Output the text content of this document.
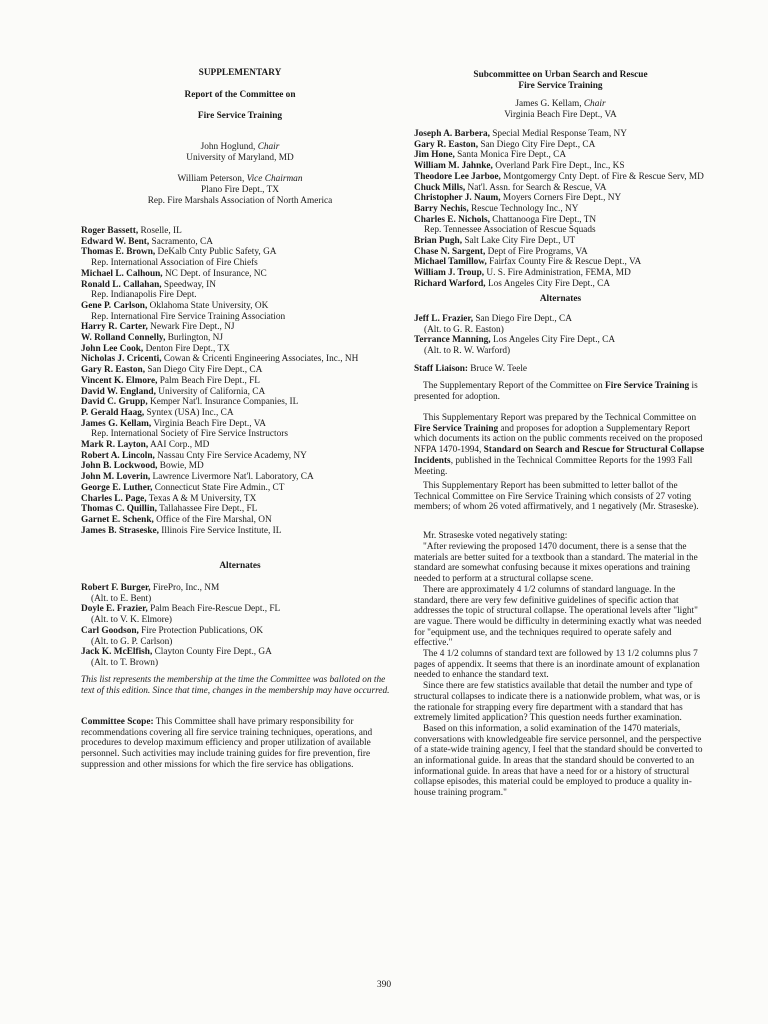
SUPPLEMENTARY
Report of the Committee on
Fire Service Training
John Hoglund, Chair
University of Maryland, MD
William Peterson, Vice Chairman
Plano Fire Dept., TX
Rep. Fire Marshals Association of North America
Roger Bassett, Roselle, IL
Edward W. Bent, Sacramento, CA
Thomas E. Brown, DeKalb Cnty Public Safety, GA
Rep. International Association of Fire Chiefs
Michael L. Calhoun, NC Dept. of Insurance, NC
Ronald L. Callahan, Speedway, IN
Rep. Indianapolis Fire Dept.
Gene P. Carlson, Oklahoma State University, OK
Rep. International Fire Service Training Association
Harry R. Carter, Newark Fire Dept., NJ
W. Rolland Connelly, Burlington, NJ
John Lee Cook, Denton Fire Dept., TX
Nicholas J. Cricenti, Cowan & Cricenti Engineering Associates, Inc., NH
Gary R. Easton, San Diego City Fire Dept., CA
Vincent K. Elmore, Palm Beach Fire Dept., FL
David W. England, University of California, CA
David C. Grupp, Kemper Nat'l. Insurance Companies, IL
P. Gerald Haag, Syntex (USA) Inc., CA
James G. Kellam, Virginia Beach Fire Dept., VA
Rep. International Society of Fire Service Instructors
Mark R. Layton, AAI Corp., MD
Robert A. Lincoln, Nassau Cnty Fire Service Academy, NY
John B. Lockwood, Bowie, MD
John M. Loverin, Lawrence Livermore Nat'l. Laboratory, CA
George E. Luther, Connecticut State Fire Admin., CT
Charles L. Page, Texas A & M University, TX
Thomas C. Quillin, Tallahassee Fire Dept., FL
Garnet E. Schenk, Office of the Fire Marshal, ON
James B. Straseske, Illinois Fire Service Institute, IL
Alternates
Robert F. Burger, FirePro, Inc., NM
(Alt. to E. Bent)
Doyle E. Frazier, Palm Beach Fire-Rescue Dept., FL
(Alt. to V. K. Elmore)
Carl Goodson, Fire Protection Publications, OK
(Alt. to G. P. Carlson)
Jack K. McElfish, Clayton County Fire Dept., GA
(Alt. to T. Brown)

This list represents the membership at the time the Committee was balloted on the text of this edition. Since that time, changes in the membership may have occurred.

Committee Scope: This Committee shall have primary responsibility for recommendations covering all fire service training techniques, operations, and procedures to develop maximum efficiency and proper utilization of available personnel. Such activities may include training guides for fire prevention, fire suppression and other missions for which the fire service has obligations.

Subcommittee on Urban Search and Rescue
Fire Service Training
James G. Kellam, Chair
Virginia Beach Fire Dept., VA
Joseph A. Barbera, Special Medial Response Team, NY
Gary R. Easton, San Diego City Fire Dept., CA
Jim Hone, Santa Monica Fire Dept., CA
William M. Jahnke, Overland Park Fire Dept., Inc., KS
Theodore Lee Jarboe, Montgomergy Cnty Dept. of Fire & Rescue Serv, MD
Chuck Mills, Nat'l. Assn. for Search & Rescue, VA
Christopher J. Naum, Moyers Corners Fire Dept., NY
Barry Nechis, Rescue Technology Inc., NY
Charles E. Nichols, Chattanooga Fire Dept., TN
Rep. Tennessee Association of Rescue Squads
Brian Pugh, Salt Lake City Fire Dept., UT
Chase N. Sargent, Dept of Fire Programs, VA
Michael Tamillow, Fairfax County Fire & Rescue Dept., VA
William J. Troup, U. S. Fire Administration, FEMA, MD
Richard Warford, Los Angeles City Fire Dept., CA
Alternates
Jeff L. Frazier, San Diego Fire Dept., CA
(Alt. to G. R. Easton)
Terrance Manning, Los Angeles City Fire Dept., CA
(Alt. to R. W. Warford)
Staff Liaison: Bruce W. Teele

The Supplementary Report of the Committee on Fire Service Training is presented for adoption.

This Supplementary Report was prepared by the Technical Committee on Fire Service Training and proposes for adoption a Supplementary Report which documents its action on the public comments received on the proposed NFPA 1470-1994, Standard on Search and Rescue for Structural Collapse Incidents, published in the Technical Committee Reports for the 1993 Fall Meeting.

This Supplementary Report has been submitted to letter ballot of the Technical Committee on Fire Service Training which consists of 27 voting members; of whom 26 voted affirmatively, and 1 negatively (Mr. Straseske).

Mr. Straseske voted negatively stating:

"After reviewing the proposed 1470 document, there is a sense that the materials are better suited for a textbook than a standard. The material in the standard are somewhat confusing because it mixes operations and training needed to perform at a structural collapse scene.

There are approximately 4 1/2 columns of standard language. In the standard, there are very few definitive guidelines of specific action that addresses the topic of structural collapse. The operational levels after "light" are vague. There would be difficulty in determining exactly what was needed for "equipment use, and the techniques required to operate safely and effective."

The 4 1/2 columns of standard text are followed by 13 1/2 columns plus 7 pages of appendix. It seems that there is an inordinate amount of explanation needed to enhance the standard text.

Since there are few statistics available that detail the number and type of structural collapses to indicate there is a nationwide problem, what was, or is the rationale for strapping every fire department with a standard that has extremely limited application? This question needs further examination.

Based on this information, a solid examination of the 1470 materials, conversations with knowledgeable fire service personnel, and the perspective of a state-wide training agency, I feel that the standard should be converted to an informational guide. In areas that the standard should be converted to an informational guide. In areas that have a need for or a history of structural collapse episodes, this material could be employed to produce a quality in-house training program."

390
